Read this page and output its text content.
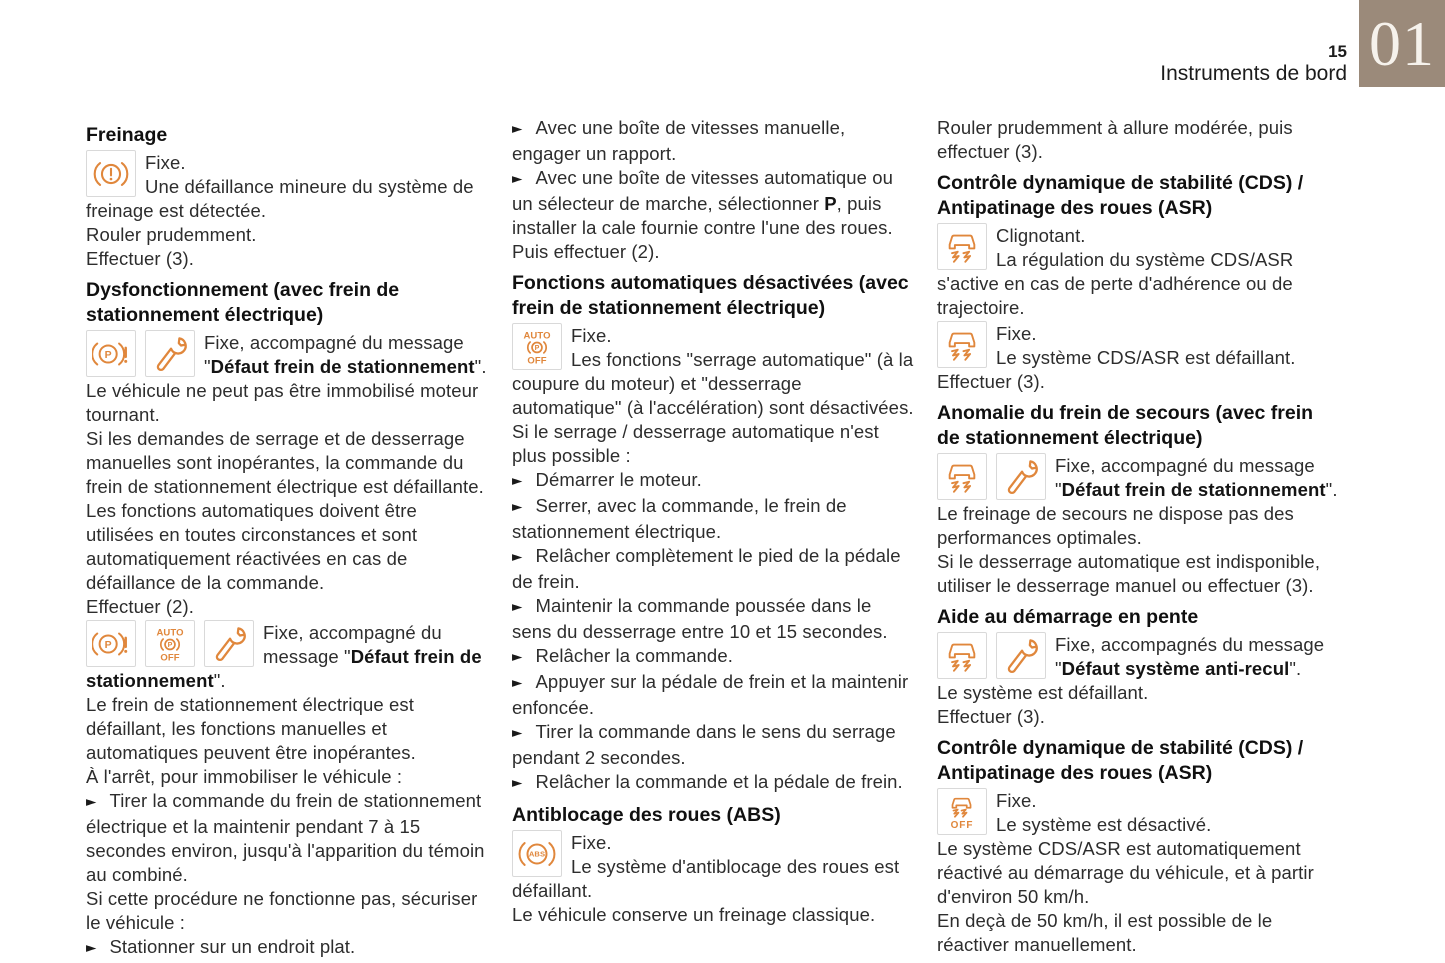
15
Instruments de bord 01
Freinage

Fixe.
Une défaillance mineure du système de freinage est détectée.
Rouler prudemment.
Effectuer (3).

Dysfonctionnement (avec frein de stationnement électrique)

P
Fixe, accompagné du message
"Défaut frein de stationnement".
Le véhicule ne peut pas être immobilisé moteur tournant.
Si les demandes de serrage et de desserrage manuelles sont inopérantes, la commande du frein de stationnement électrique est défaillante.
Les fonctions automatiques doivent être utilisées en toutes circonstances et sont automatiquement réactivées en cas de défaillance de la commande.
Effectuer (2).

P
AUTO
P
OFF
Fixe, accompagné du message "Défaut frein de stationnement".
Le frein de stationnement électrique est défaillant, les fonctions manuelles et automatiques peuvent être inopérantes.
À l'arrêt, pour immobiliser le véhicule :

► Tirer la commande du frein de stationnement électrique et la maintenir pendant 7 à 15 secondes environ, jusqu'à l'apparition du témoin au combiné.

Si cette procédure ne fonctionne pas, sécuriser le véhicule :

► Stationner sur un endroit plat.

► Avec une boîte de vitesses manuelle, engager un rapport.

► Avec une boîte de vitesses automatique ou un sélecteur de marche, sélectionner P, puis installer la cale fournie contre l'une des roues.

Puis effectuer (2).

Fonctions automatiques désactivées (avec frein de stationnement électrique)

AUTO
P
OFF
Fixe.
Les fonctions "serrage automatique" (à la coupure du moteur) et "desserrage automatique" (à l'accélération) sont désactivées.
Si le serrage / desserrage automatique n'est plus possible :

► Démarrer le moteur.

► Serrer, avec la commande, le frein de stationnement électrique.

► Relâcher complètement le pied de la pédale de frein.

► Maintenir la commande poussée dans le sens du desserrage entre 10 et 15 secondes.

► Relâcher la commande.

► Appuyer sur la pédale de frein et la maintenir enfoncée.

► Tirer la commande dans le sens du serrage pendant 2 secondes.

► Relâcher la commande et la pédale de frein.

Antiblocage des roues (ABS)

ABS
Fixe.
Le système d'antiblocage des roues est défaillant.
Le véhicule conserve un freinage classique.

Rouler prudemment à allure modérée, puis effectuer (3).

Contrôle dynamique de stabilité (CDS) / Antipatinage des roues (ASR)

Clignotant.
La régulation du système CDS/ASR s'active en cas de perte d'adhérence ou de trajectoire.

Fixe.
Le système CDS/ASR est défaillant.
Effectuer (3).

Anomalie du frein de secours (avec frein de stationnement électrique)

Fixe, accompagné du message
"Défaut frein de stationnement".
Le freinage de secours ne dispose pas des performances optimales.
Si le desserrage automatique est indisponible, utiliser le desserrage manuel ou effectuer (3).

Aide au démarrage en pente

Fixe, accompagnés du message
"Défaut système anti-recul".
Le système est défaillant.
Effectuer (3).

Contrôle dynamique de stabilité (CDS) / Antipatinage des roues (ASR)

OFF
Fixe.
Le système est désactivé.
Le système CDS/ASR est automatiquement réactivé au démarrage du véhicule, et à partir d'environ 50 km/h.
En deçà de 50 km/h, il est possible de le réactiver manuellement.
